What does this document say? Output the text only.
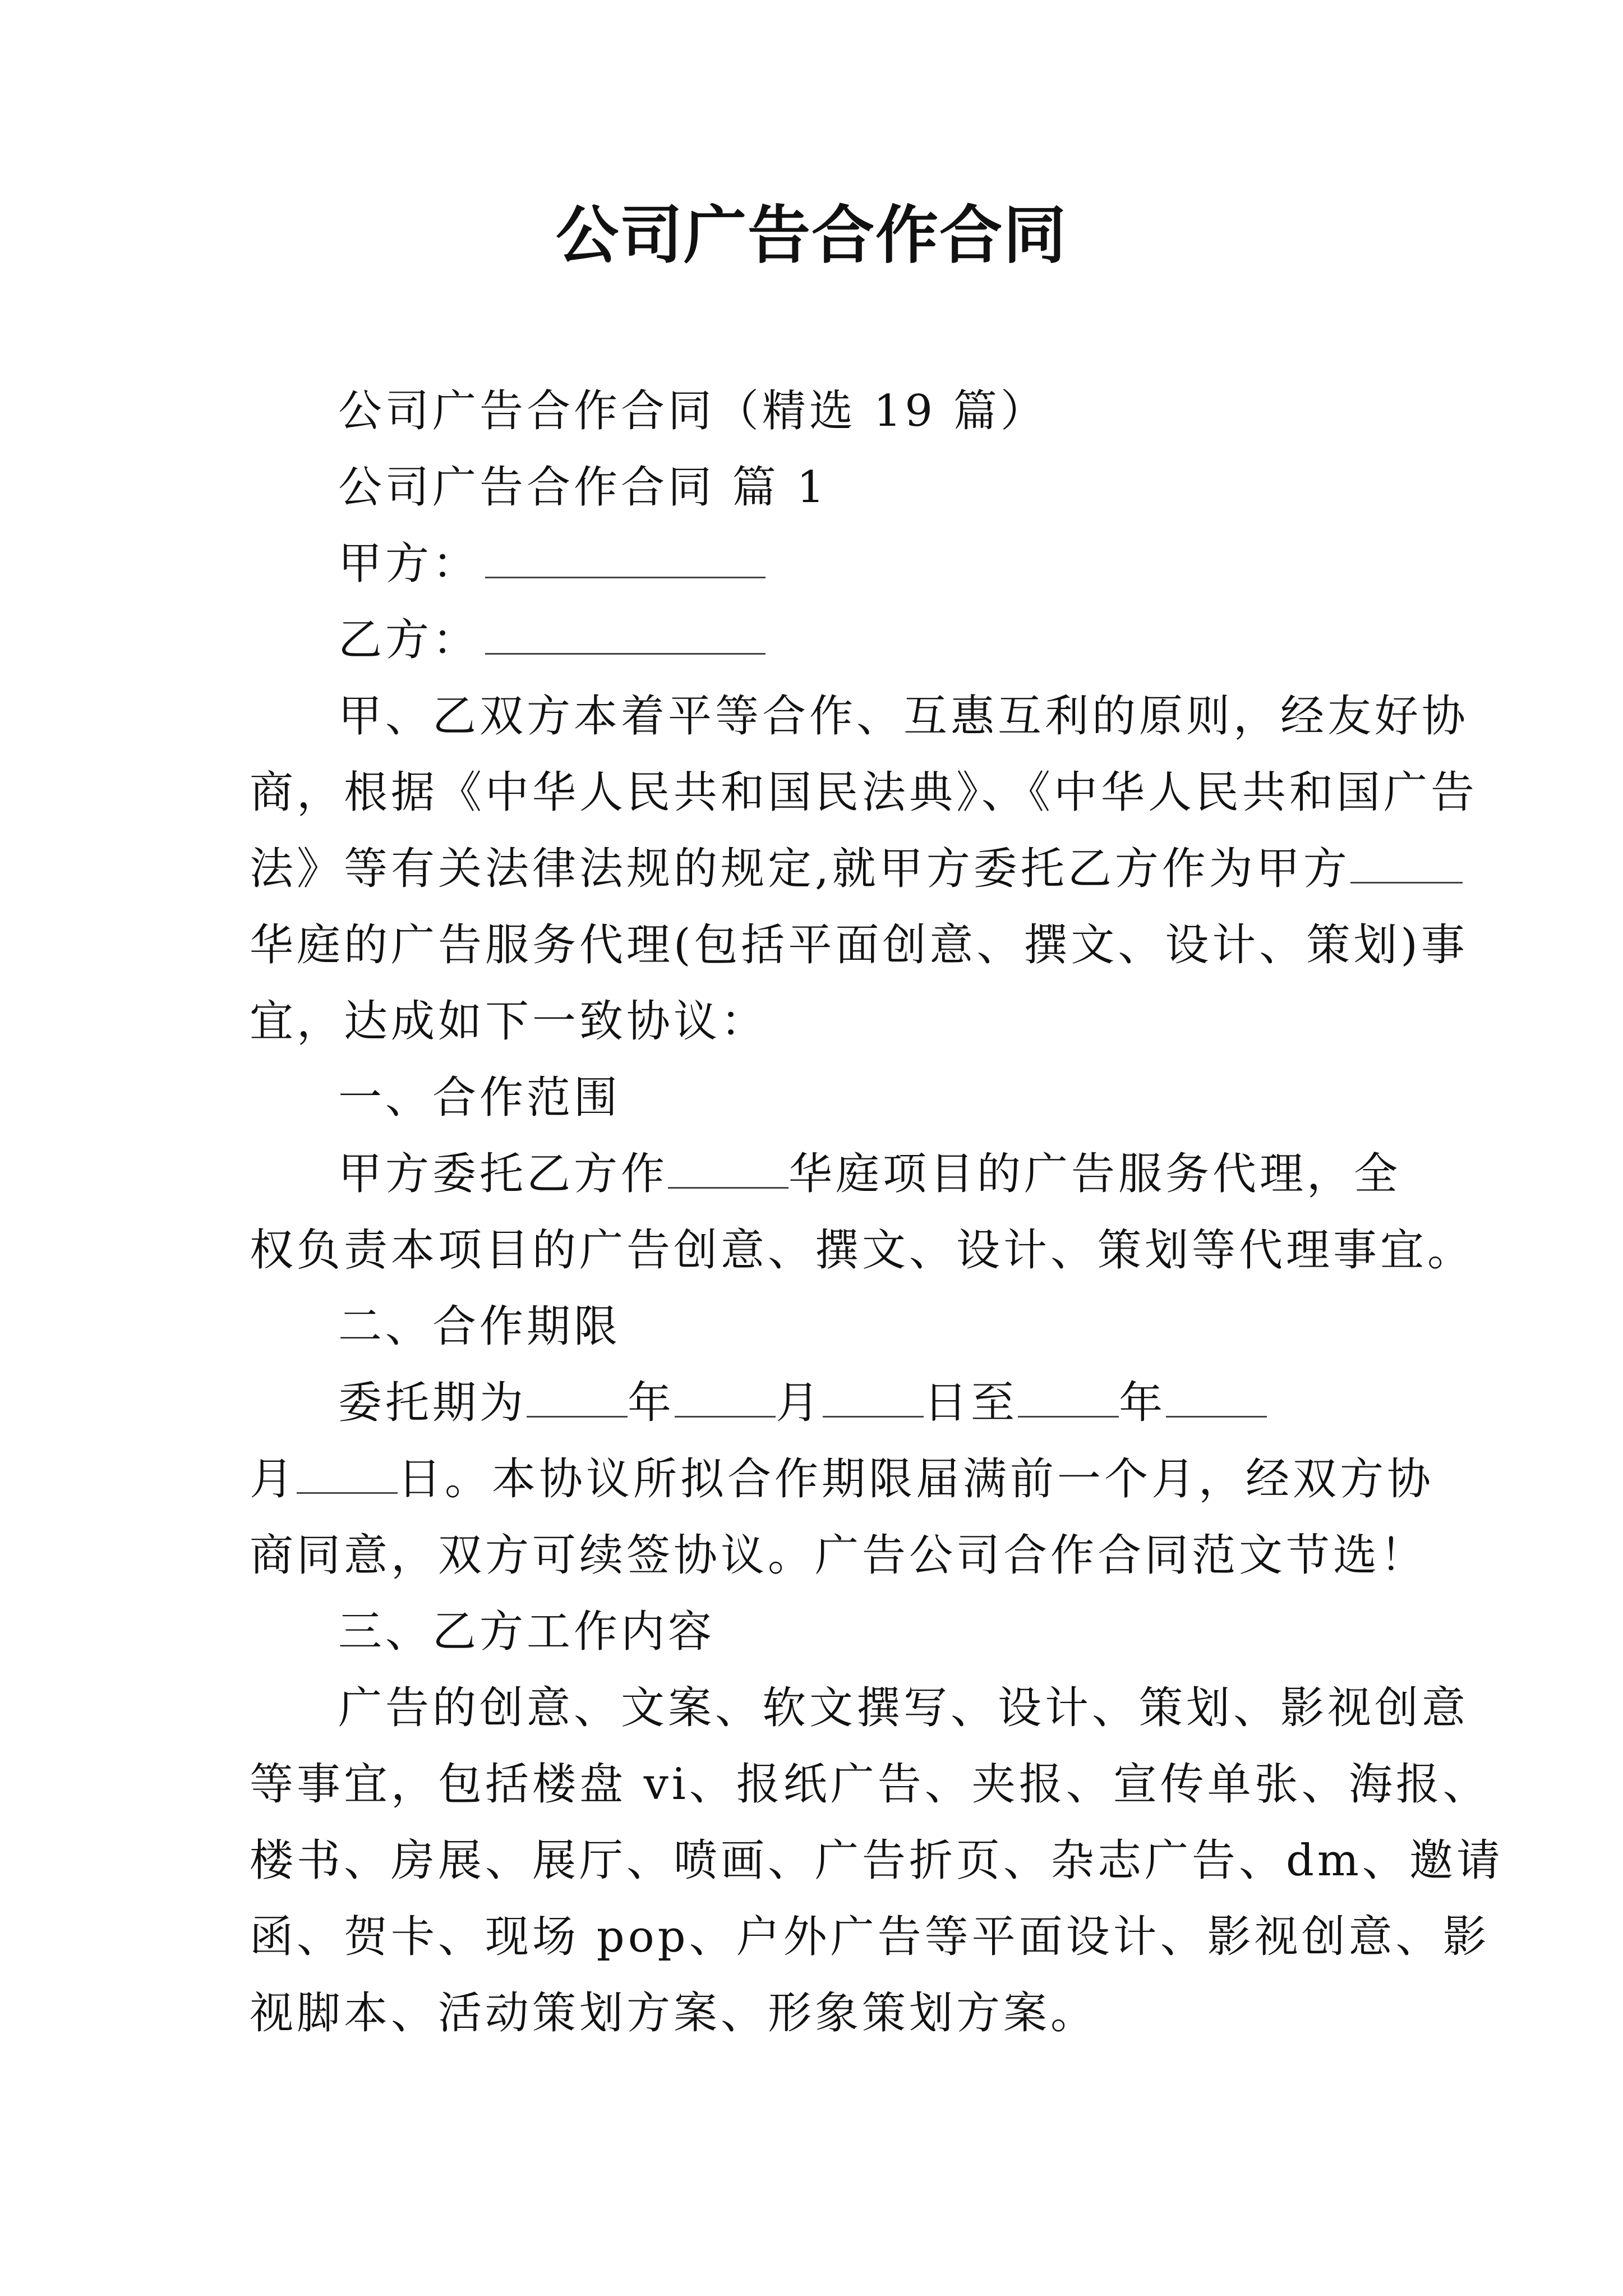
公司广告合作合同
公司广告合作合同（精选 19 篇）
公司广告合作合同 篇 1
甲方：
乙方：
甲、乙双方本着平等合作、互惠互利的原则，经友好协
商，根据《中华人民共和国民法典》、《中华人民共和国广告
法》等有关法律法规的规定,就甲方委托乙方作为甲方
华庭的广告服务代理(包括平面创意、撰文、设计、策划)事
宜，达成如下一致协议：
一、合作范围
甲方委托乙方作	华庭项目的广告服务代理，全
权负责本项目的广告创意、撰文、设计、策划等代理事宜。
二、合作期限
委托期为 年 月 日至 年
月 日。本协议所拟合作期限届满前一个月，经双方协
商同意，双方可续签协议。广告公司合作合同范文节选！
三、乙方工作内容
广告的创意、文案、软文撰写、设计、策划、影视创意
等事宜，包括楼盘 vi、报纸广告、夹报、宣传单张、海报、
楼书、房展、展厅、喷画、广告折页、杂志广告、dm、邀请
函、贺卡、现场 pop、户外广告等平面设计、影视创意、影
视脚本、活动策划方案、形象策划方案。
